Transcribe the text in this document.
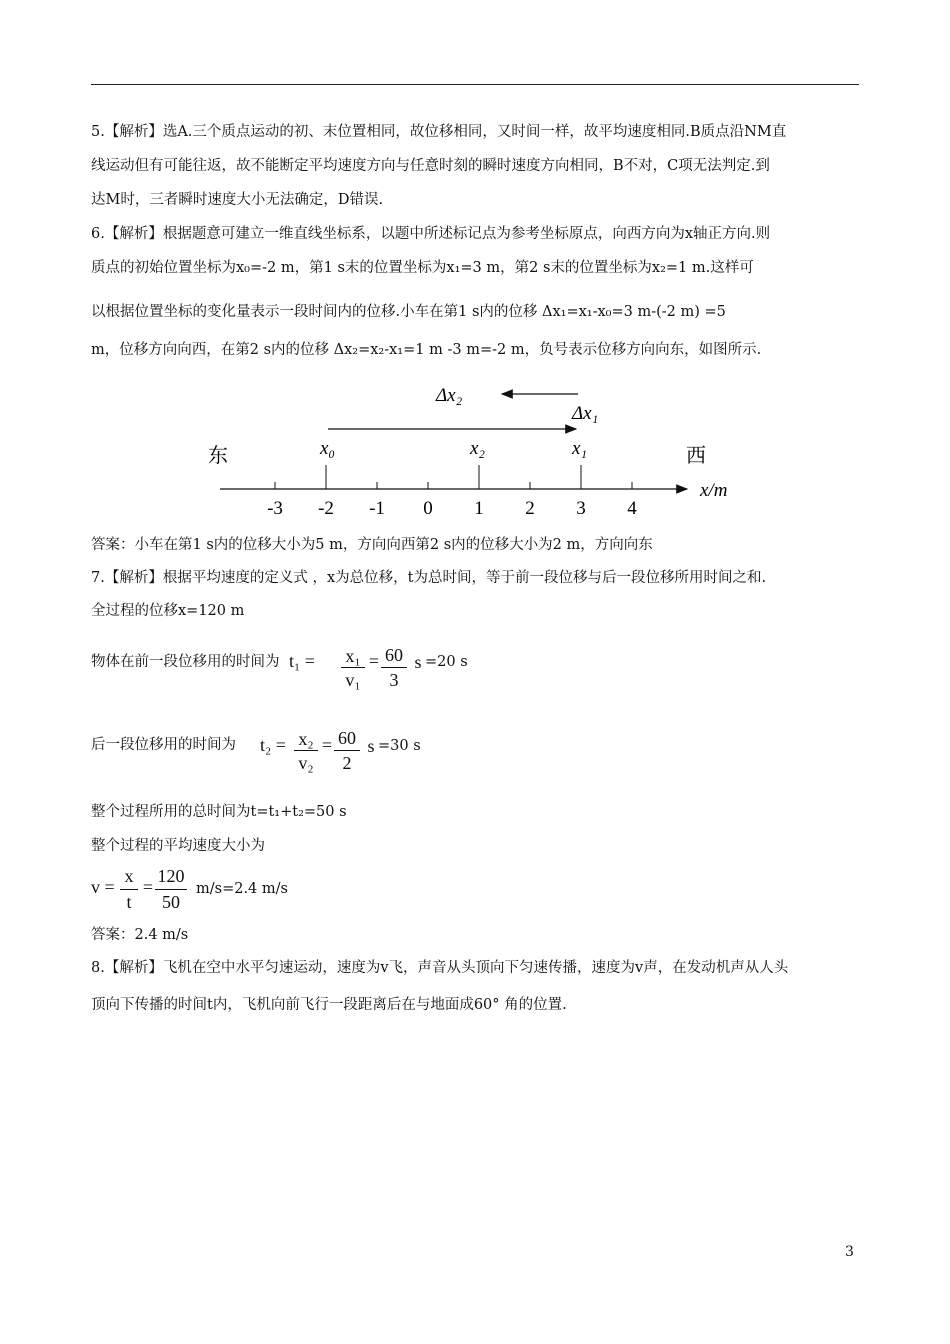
5.【解析】选A.三个质点运动的初、末位置相同，故位移相同，又时间一样，故平均速度相同.B质点沿NM直
线运动但有可能往返，故不能断定平均速度方向与任意时刻的瞬时速度方向相同，B不对，C项无法判定.到
达M时，三者瞬时速度大小无法确定，D错误.
6.【解析】根据题意可建立一维直线坐标系，以题中所述标记点为参考坐标原点，向西方向为x轴正方向.则
质点的初始位置坐标为x₀=-2 m，第1 s末的位置坐标为x₁=3 m，第2 s末的位置坐标为x₂=1 m.这样可
以根据位置坐标的变化量表示一段时间内的位移.小车在第1 s内的位移 Δx₁=x₁-x₀=3 m-(-2 m) =5
m，位移方向向西，在第2 s内的位移 Δx₂=x₂-x₁=1 m -3 m=-2 m，负号表示位移方向向东，如图所示.
Δx₂
Δx₁
东	西
x₀	x₂	x₁
x/m
-3 -2 -1 0 1 2 3 4
答案：小车在第1 s内的位移大小为5 m，方向向西第2 s内的位移大小为2 m，方向向东
7.【解析】根据平均速度的定义式 ，x为总位移，t为总时间，等于前一段位移与后一段位移所用时间之和.
全过程的位移x=120 m
物体在前一段位移用的时间为 t₁ =	x₁
v₁
= 60
3
s =20 s
后一段位移用的时间为	t₂ = x₂
v₂
= 60
2
s =30 s
整个过程所用的总时间为t=t₁+t₂=50 s
整个过程的平均速度大小为
v =
x
t
=
120
50
m/s=2.4 m/s
答案：2.4 m/s
8.【解析】飞机在空中水平匀速运动，速度为v飞，声音从头顶向下匀速传播，速度为v声，在发动机声从人头
顶向下传播的时间t内，飞机向前飞行一段距离后在与地面成60° 角的位置.
3
